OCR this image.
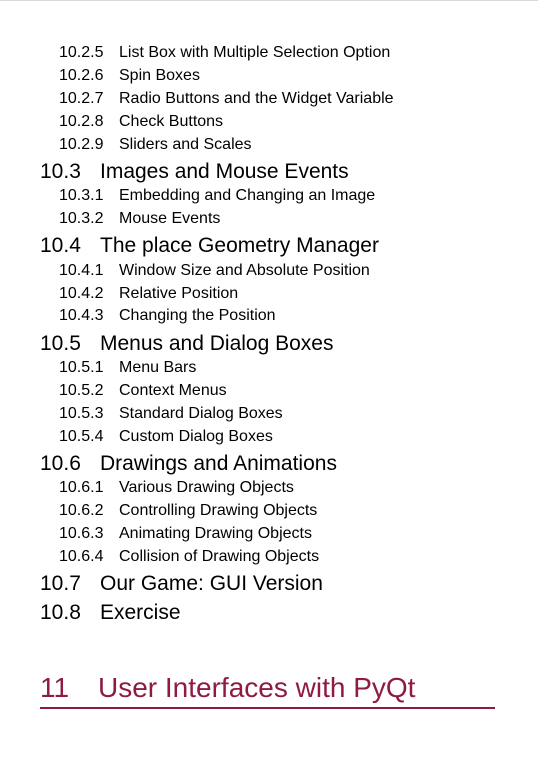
10.2.5 List Box with Multiple Selection Option
10.2.6 Spin Boxes
10.2.7 Radio Buttons and the Widget Variable
10.2.8 Check Buttons
10.2.9 Sliders and Scales
10.3 Images and Mouse Events
10.3.1 Embedding and Changing an Image
10.3.2 Mouse Events
10.4 The place Geometry Manager
10.4.1 Window Size and Absolute Position
10.4.2 Relative Position
10.4.3 Changing the Position
10.5 Menus and Dialog Boxes
10.5.1 Menu Bars
10.5.2 Context Menus
10.5.3 Standard Dialog Boxes
10.5.4 Custom Dialog Boxes
10.6 Drawings and Animations
10.6.1 Various Drawing Objects
10.6.2 Controlling Drawing Objects
10.6.3 Animating Drawing Objects
10.6.4 Collision of Drawing Objects
10.7 Our Game: GUI Version
10.8 Exercise
11 User Interfaces with PyQt
